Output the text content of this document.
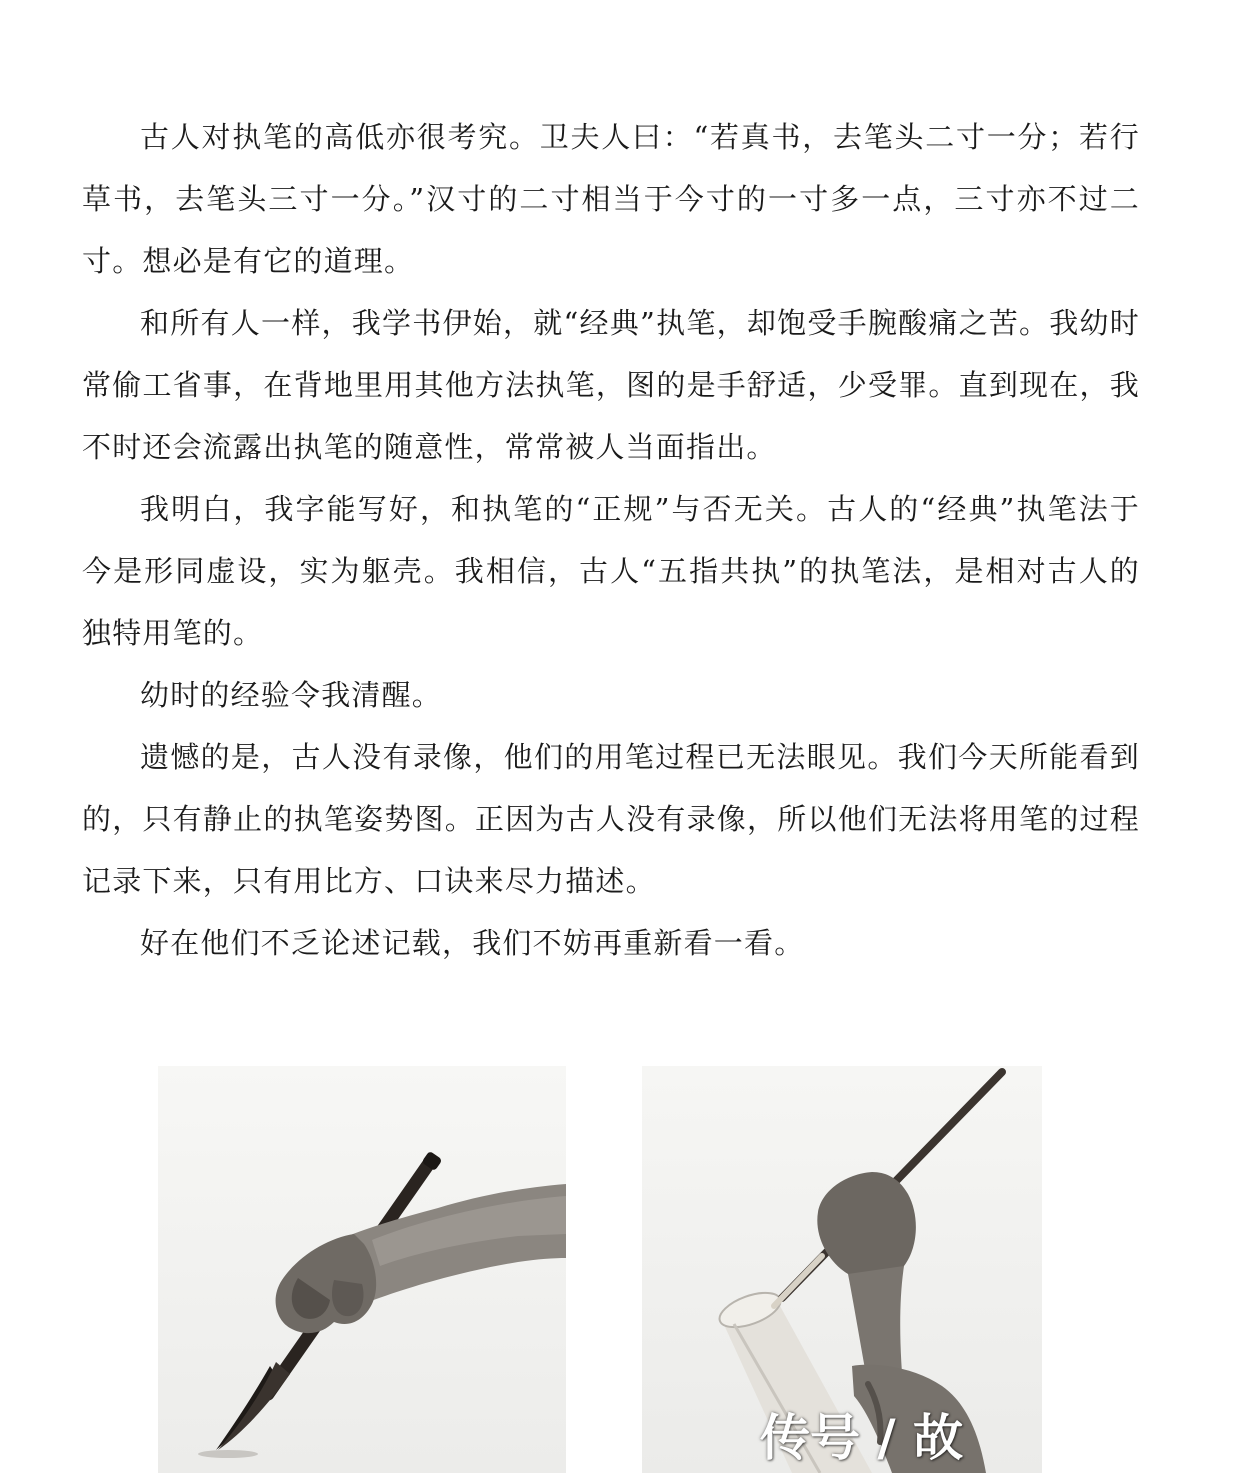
古人对执笔的高低亦很考究。卫夫人曰：“若真书，去笔头二寸一分；若行草书，去笔头三寸一分。”汉寸的二寸相当于今寸的一寸多一点，三寸亦不过二寸。想必是有它的道理。

和所有人一样，我学书伊始，就“经典”执笔，却饱受手腕酸痛之苦。我幼时常偷工省事，在背地里用其他方法执笔，图的是手舒适，少受罪。直到现在，我不时还会流露出执笔的随意性，常常被人当面指出。

我明白，我字能写好，和执笔的“正规”与否无关。古人的“经典”执笔法于今是形同虚设，实为躯壳。我相信，古人“五指共执”的执笔法，是相对古人的独特用笔的。

幼时的经验令我清醒。

遗憾的是，古人没有录像，他们的用笔过程已无法眼见。我们今天所能看到的，只有静止的执笔姿势图。正因为古人没有录像，所以他们无法将用笔的过程记录下来，只有用比方、口诀来尽力描述。

好在他们不乏论述记载，我们不妨再重新看一看。

传号 / 故
